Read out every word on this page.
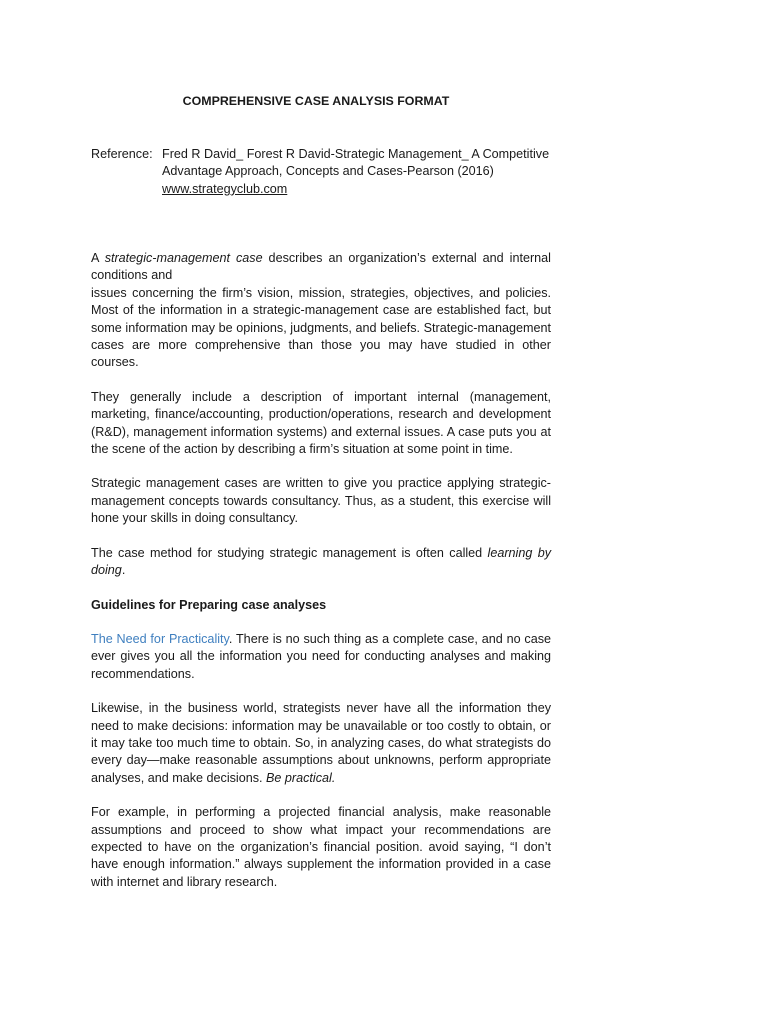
COMPREHENSIVE CASE ANALYSIS FORMAT
Reference: Fred R David_ Forest R David-Strategic Management_ A Competitive
Advantage Approach, Concepts and Cases-Pearson (2016)
www.strategyclub.com

A strategic-management case describes an organization’s external and internal conditions and
issues concerning the firm’s vision, mission, strategies, objectives, and policies. Most of the information in a strategic-management case are established fact, but some information may be opinions, judgments, and beliefs. Strategic-management cases are more comprehensive than those you may have studied in other courses.

They generally include a description of important internal (management, marketing, finance/accounting, production/operations, research and development (R&D), management information systems) and external issues. A case puts you at the scene of the action by describing a firm’s situation at some point in time.

Strategic management cases are written to give you practice applying strategic-management concepts towards consultancy. Thus, as a student, this exercise will hone your skills in doing consultancy.

The case method for studying strategic management is often called learning by doing.

Guidelines for Preparing case analyses

The Need for Practicality. There is no such thing as a complete case, and no case ever gives you all the information you need for conducting analyses and making recommendations.

Likewise, in the business world, strategists never have all the information they need to make decisions: information may be unavailable or too costly to obtain, or it may take too much time to obtain. So, in analyzing cases, do what strategists do every day—make reasonable assumptions about unknowns, perform appropriate analyses, and make decisions. Be practical.

For example, in performing a projected financial analysis, make reasonable assumptions and proceed to show what impact your recommendations are expected to have on the organization’s financial position. avoid saying, “I don’t have enough information.” always supplement the information provided in a case with internet and library research.
